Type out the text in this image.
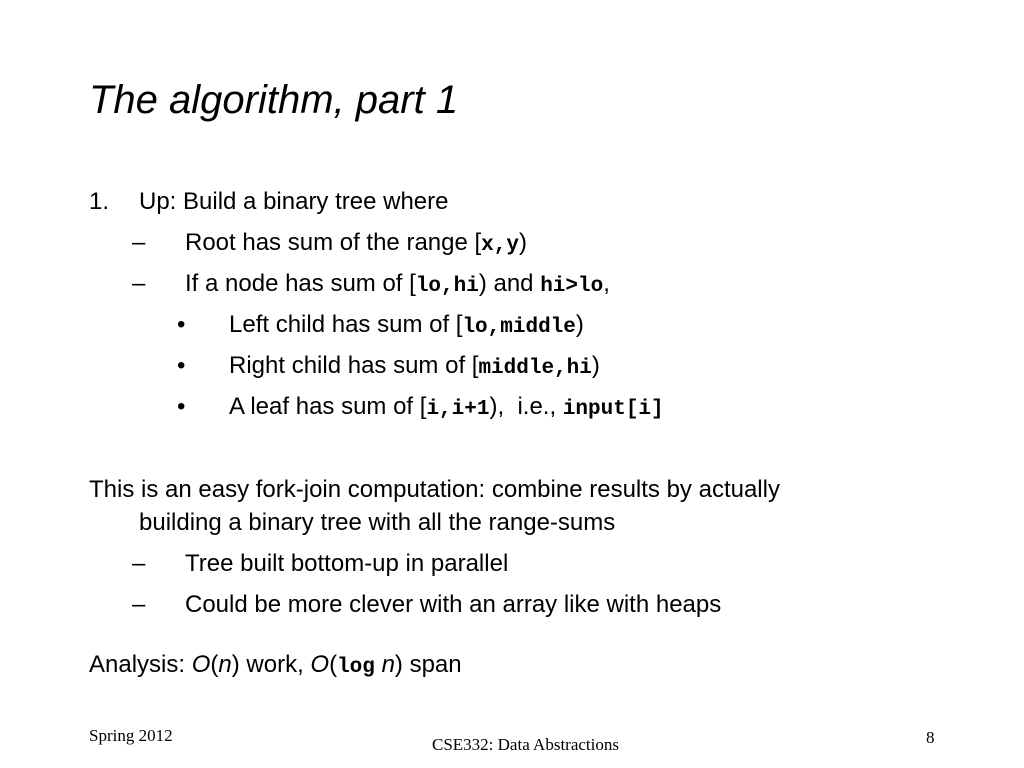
The algorithm, part 1
1. Up: Build a binary tree where
– Root has sum of the range [x,y)
– If a node has sum of [lo,hi) and hi>lo,
• Left child has sum of [lo,middle)
• Right child has sum of [middle,hi)
• A leaf has sum of [i,i+1),  i.e., input[i]
This is an easy fork-join computation: combine results by actually
building a binary tree with all the range-sums
– Tree built bottom-up in parallel
– Could be more clever with an array like with heaps
Analysis: O(n) work, O(log n) span
Spring 2012	CSE332: Data Abstractions	8
